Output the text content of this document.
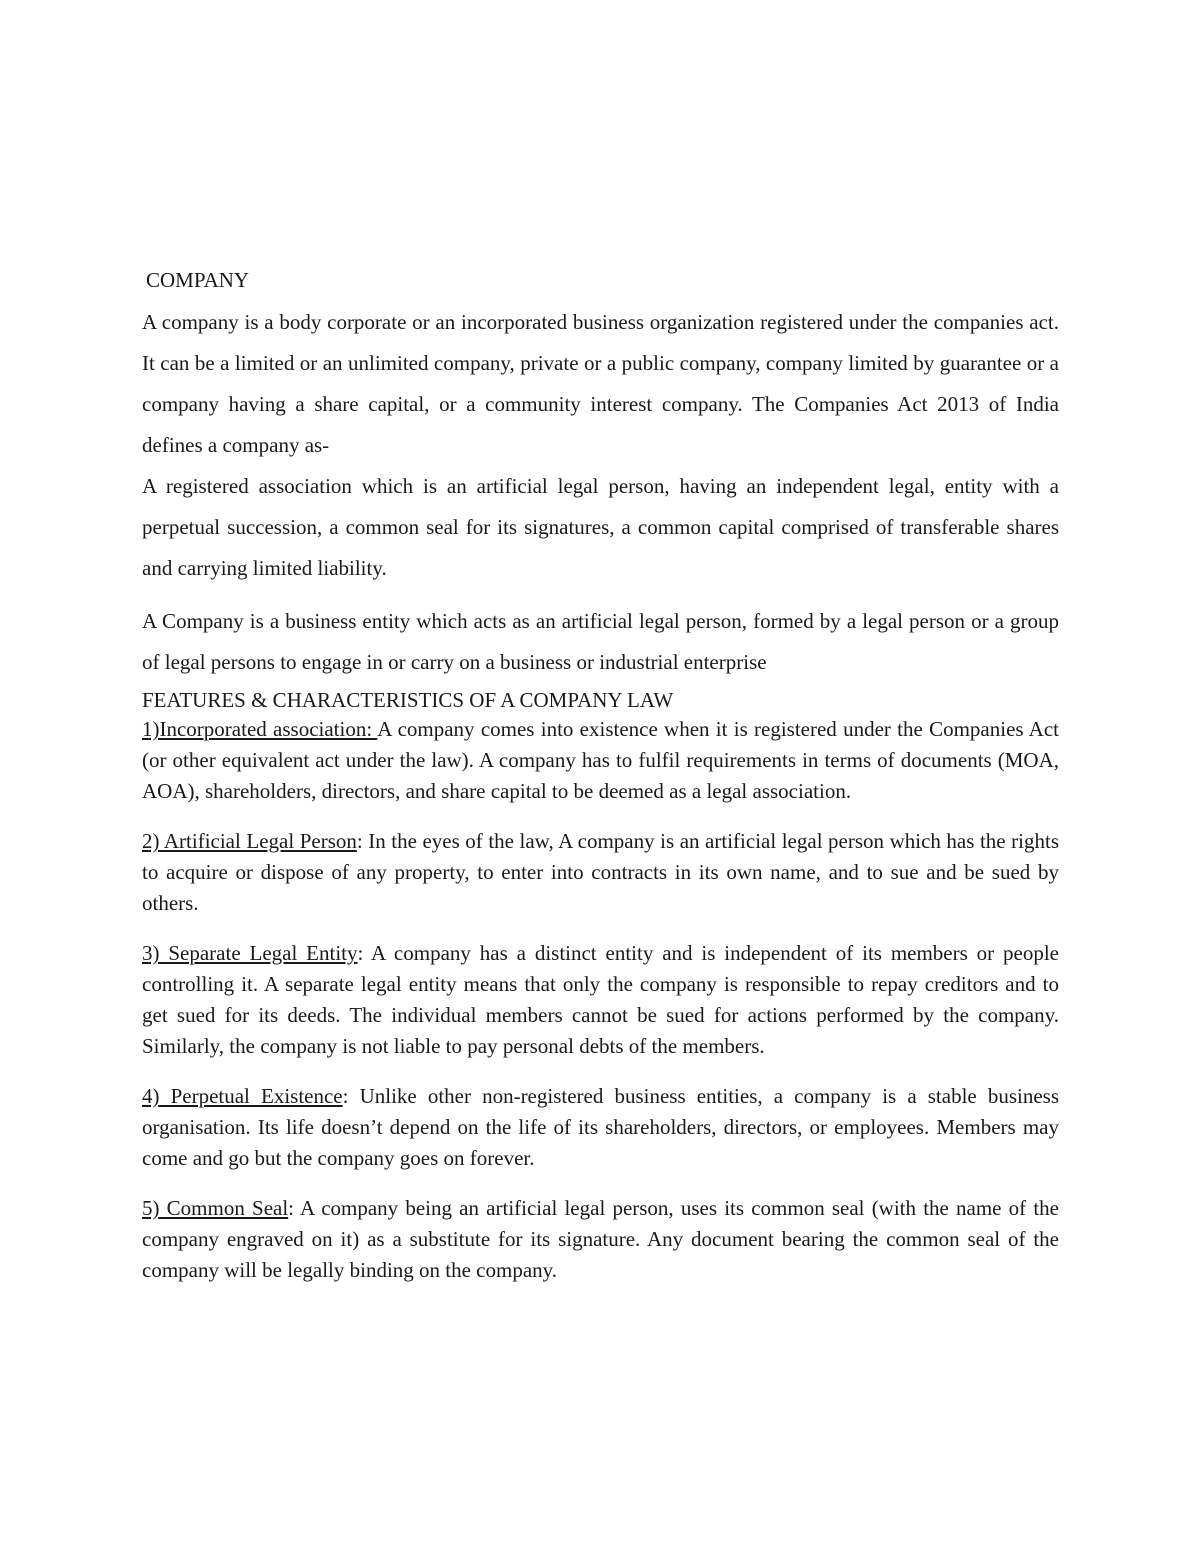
COMPANY

A company is a body corporate or an incorporated business organization registered under the companies act. It can be a limited or an unlimited company, private or a public company, company limited by guarantee or a company having a share capital, or a community interest company. The Companies Act 2013 of India defines a company as-

A registered association which is an artificial legal person, having an independent legal, entity with a perpetual succession, a common seal for its signatures, a common capital comprised of transferable shares and carrying limited liability.

A Company is a business entity which acts as an artificial legal person, formed by a legal person or a group of legal persons to engage in or carry on a business or industrial enterprise

FEATURES & CHARACTERISTICS OF A COMPANY LAW

1)Incorporated association: A company comes into existence when it is registered under the Companies Act (or other equivalent act under the law). A company has to fulfil requirements in terms of documents (MOA, AOA), shareholders, directors, and share capital to be deemed as a legal association.

2) Artificial Legal Person: In the eyes of the law, A company is an artificial legal person which has the rights to acquire or dispose of any property, to enter into contracts in its own name, and to sue and be sued by others.

3) Separate Legal Entity: A company has a distinct entity and is independent of its members or people controlling it. A separate legal entity means that only the company is responsible to repay creditors and to get sued for its deeds. The individual members cannot be sued for actions performed by the company. Similarly, the company is not liable to pay personal debts of the members.

4) Perpetual Existence: Unlike other non-registered business entities, a company is a stable business organisation. Its life doesn’t depend on the life of its shareholders, directors, or employees. Members may come and go but the company goes on forever.

5) Common Seal: A company being an artificial legal person, uses its common seal (with the name of the company engraved on it) as a substitute for its signature. Any document bearing the common seal of the company will be legally binding on the company.
